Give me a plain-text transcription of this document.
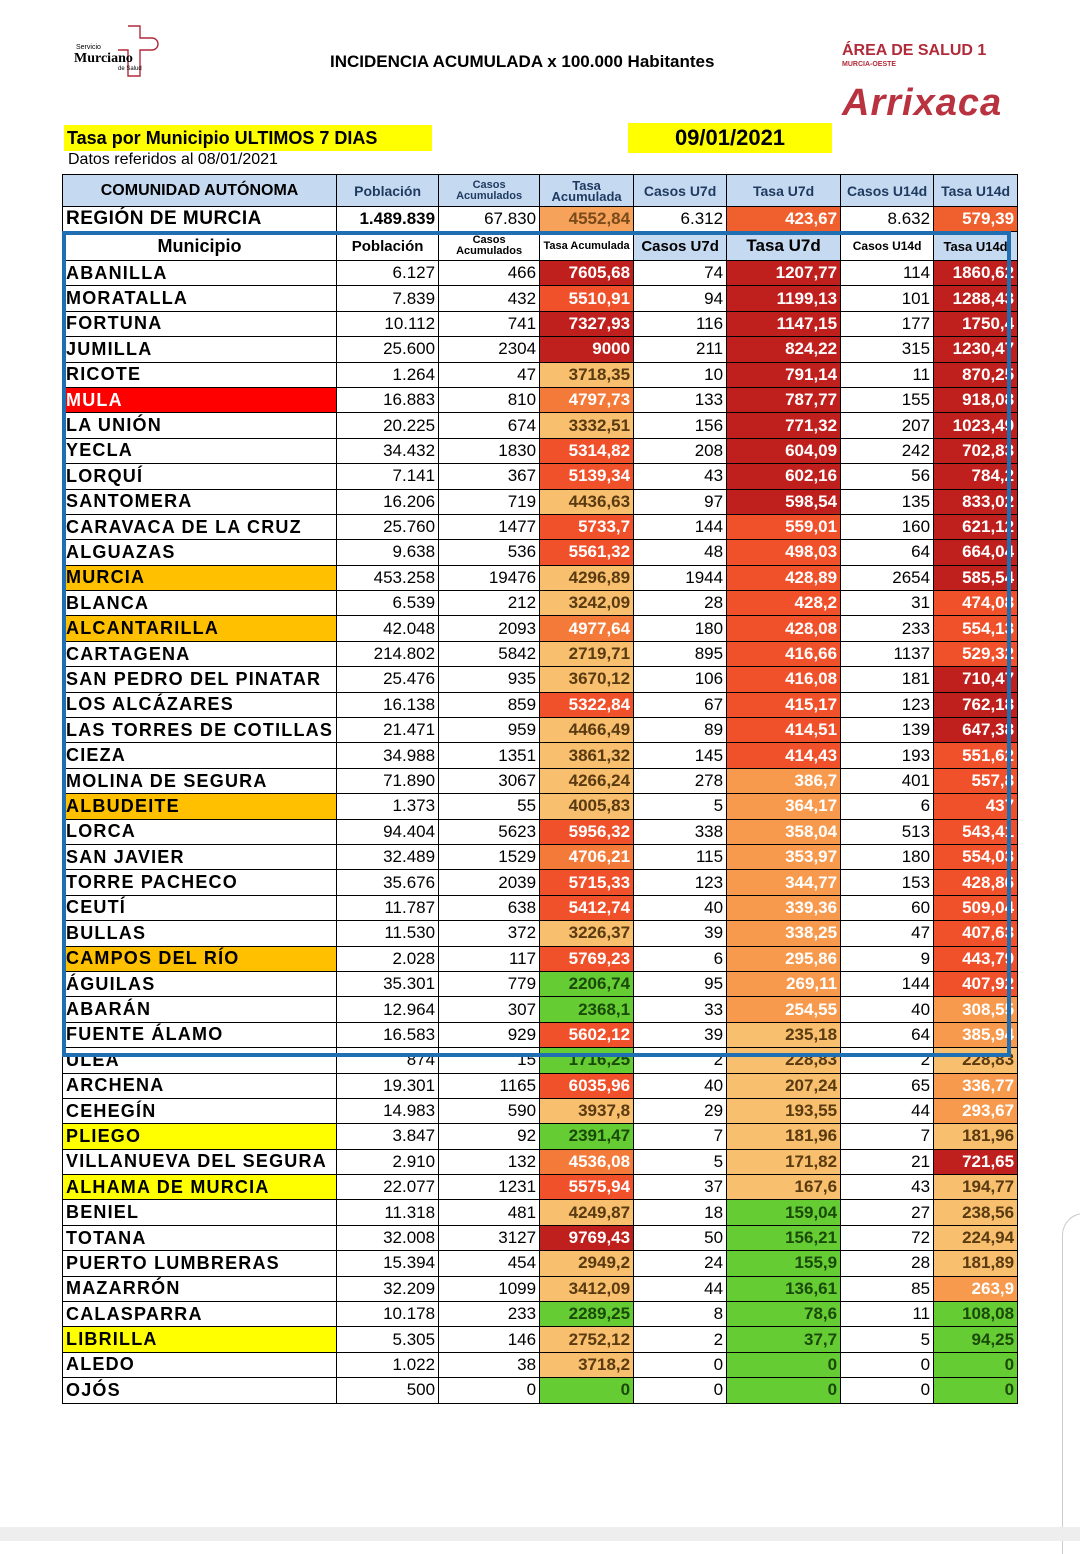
Servicio
Murciano
de Salud	INCIDENCIA ACUMULADA x 100.000 Habitantes
ÁREA DE SALUD 1
MURCIA-OESTE
Arrixaca
Tasa por Municipio ULTIMOS 7 DIAS	09/01/2021
Datos referidos al 08/01/2021
COMUNIDAD AUTÓNOMA	Población	Casos Acumulados	Tasa Acumulada	Casos U7d	Tasa U7d	Casos U14d	Tasa U14d
REGIÓN DE MURCIA	1.489.839	67.830	4552,84	6.312	423,67	8.632	579,39
Municipio	Población	Casos Acumulados	Tasa Acumulada	Casos U7d	Tasa U7d	Casos U14d	Tasa U14d
ABANILLA	6.127	466	7605,68	74	1207,77	114	1860,62
MORATALLA	7.839	432	5510,91	94	1199,13	101	1288,43
FORTUNA	10.112	741	7327,93	116	1147,15	177	1750,4
JUMILLA	25.600	2304	9000	211	824,22	315	1230,47
RICOTE	1.264	47	3718,35	10	791,14	11	870,25
MULA	16.883	810	4797,73	133	787,77	155	918,08
LA UNIÓN	20.225	674	3332,51	156	771,32	207	1023,49
YECLA	34.432	1830	5314,82	208	604,09	242	702,83
LORQUÍ	7.141	367	5139,34	43	602,16	56	784,2
SANTOMERA	16.206	719	4436,63	97	598,54	135	833,02
CARAVACA DE LA CRUZ	25.760	1477	5733,7	144	559,01	160	621,12
ALGUAZAS	9.638	536	5561,32	48	498,03	64	664,04
MURCIA	453.258	19476	4296,89	1944	428,89	2654	585,54
BLANCA	6.539	212	3242,09	28	428,2	31	474,08
ALCANTARILLA	42.048	2093	4977,64	180	428,08	233	554,13
CARTAGENA	214.802	5842	2719,71	895	416,66	1137	529,32
SAN PEDRO DEL PINATAR	25.476	935	3670,12	106	416,08	181	710,47
LOS ALCÁZARES	16.138	859	5322,84	67	415,17	123	762,18
LAS TORRES DE COTILLAS	21.471	959	4466,49	89	414,51	139	647,38
CIEZA	34.988	1351	3861,32	145	414,43	193	551,62
MOLINA DE SEGURA	71.890	3067	4266,24	278	386,7	401	557,8
ALBUDEITE	1.373	55	4005,83	5	364,17	6	437
LORCA	94.404	5623	5956,32	338	358,04	513	543,41
SAN JAVIER	32.489	1529	4706,21	115	353,97	180	554,03
TORRE PACHECO	35.676	2039	5715,33	123	344,77	153	428,86
CEUTÍ	11.787	638	5412,74	40	339,36	60	509,04
BULLAS	11.530	372	3226,37	39	338,25	47	407,63
CAMPOS DEL RÍO	2.028	117	5769,23	6	295,86	9	443,79
ÁGUILAS	35.301	779	2206,74	95	269,11	144	407,92
ABARÁN	12.964	307	2368,1	33	254,55	40	308,55
FUENTE ÁLAMO	16.583	929	5602,12	39	235,18	64	385,94
ULEA	874	15	1716,25	2	228,83	2	228,83
ARCHENA	19.301	1165	6035,96	40	207,24	65	336,77
CEHEGÍN	14.983	590	3937,8	29	193,55	44	293,67
PLIEGO	3.847	92	2391,47	7	181,96	7	181,96
VILLANUEVA DEL SEGURA	2.910	132	4536,08	5	171,82	21	721,65
ALHAMA DE MURCIA	22.077	1231	5575,94	37	167,6	43	194,77
BENIEL	11.318	481	4249,87	18	159,04	27	238,56
TOTANA	32.008	3127	9769,43	50	156,21	72	224,94
PUERTO LUMBRERAS	15.394	454	2949,2	24	155,9	28	181,89
MAZARRÓN	32.209	1099	3412,09	44	136,61	85	263,9
CALASPARRA	10.178	233	2289,25	8	78,6	11	108,08
LIBRILLA	5.305	146	2752,12	2	37,7	5	94,25
ALEDO	1.022	38	3718,2	0	0	0	0
OJÓS	500	0	0	0	0	0	0
